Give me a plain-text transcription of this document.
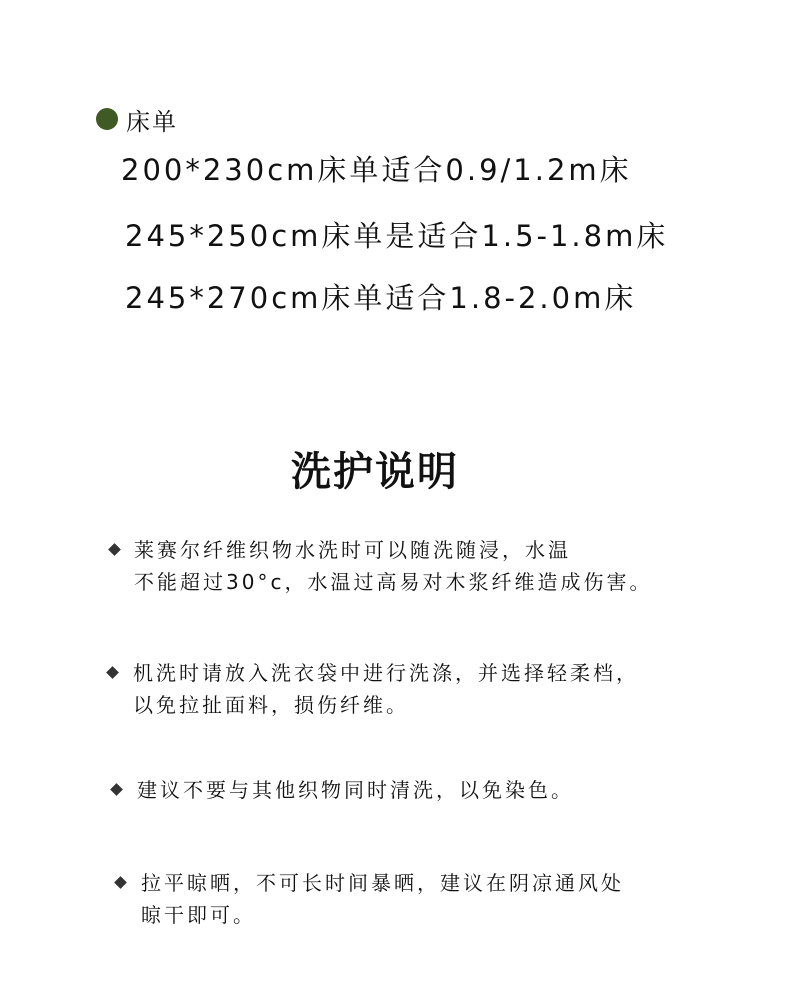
床单
200*230cm床单适合0.9/1.2m床
245*250cm床单是适合1.5-1.8m床
245*270cm床单适合1.8-2.0m床
洗护说明
莱赛尔纤维织物水洗时可以随洗随浸，水温
不能超过30°c，水温过高易对木浆纤维造成伤害。
机洗时请放入洗衣袋中进行洗涤，并选择轻柔档，
以免拉扯面料，损伤纤维。
建议不要与其他织物同时清洗，以免染色。
拉平晾晒，不可长时间暴晒，建议在阴凉通风处
晾干即可。
